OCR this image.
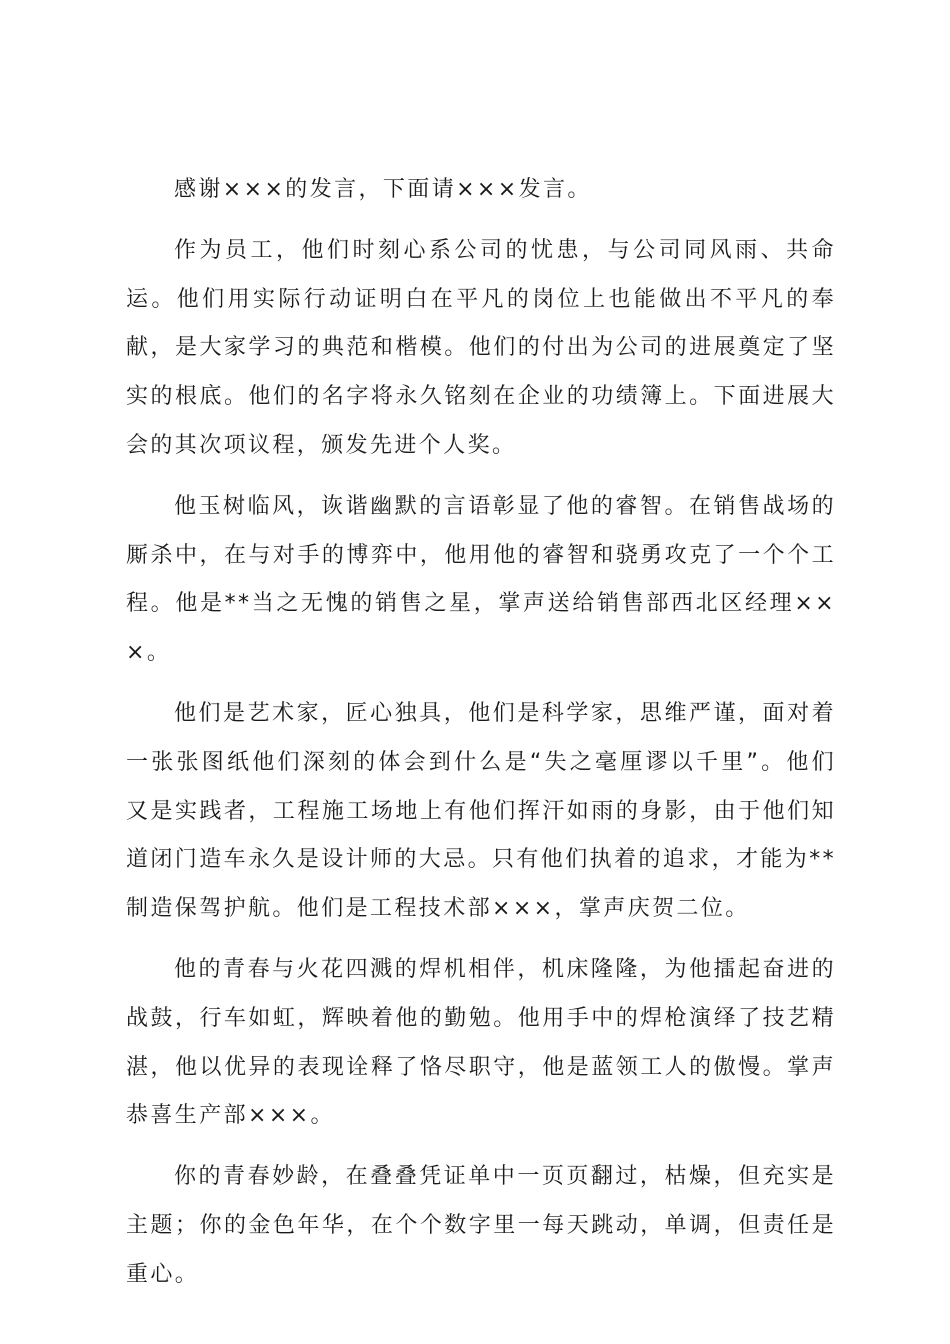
感谢×××的发言，下面请×××发言。

作为员工，他们时刻心系公司的忧患，与公司同风雨、共命运。他们用实际行动证明白在平凡的岗位上也能做出不平凡的奉献，是大家学习的典范和楷模。他们的付出为公司的进展奠定了坚实的根底。他们的名字将永久铭刻在企业的功绩簿上。下面进展大会的其次项议程，颁发先进个人奖。

他玉树临风，诙谐幽默的言语彰显了他的睿智。在销售战场的厮杀中，在与对手的博弈中，他用他的睿智和骁勇攻克了一个个工程。他是**当之无愧的销售之星，掌声送给销售部西北区经理×××。

他们是艺术家，匠心独具，他们是科学家，思维严谨，面对着一张张图纸他们深刻的体会到什么是“失之毫厘谬以千里”。他们又是实践者，工程施工场地上有他们挥汗如雨的身影，由于他们知道闭门造车永久是设计师的大忌。只有他们执着的追求，才能为**制造保驾护航。他们是工程技术部×××，掌声庆贺二位。

他的青春与火花四溅的焊机相伴，机床隆隆，为他擂起奋进的战鼓，行车如虹，辉映着他的勤勉。他用手中的焊枪演绎了技艺精湛，他以优异的表现诠释了恪尽职守，他是蓝领工人的傲慢。掌声恭喜生产部×××。

你的青春妙龄，在叠叠凭证单中一页页翻过，枯燥，但充实是主题；你的金色年华，在个个数字里一每天跳动，单调，但责任是重心。
